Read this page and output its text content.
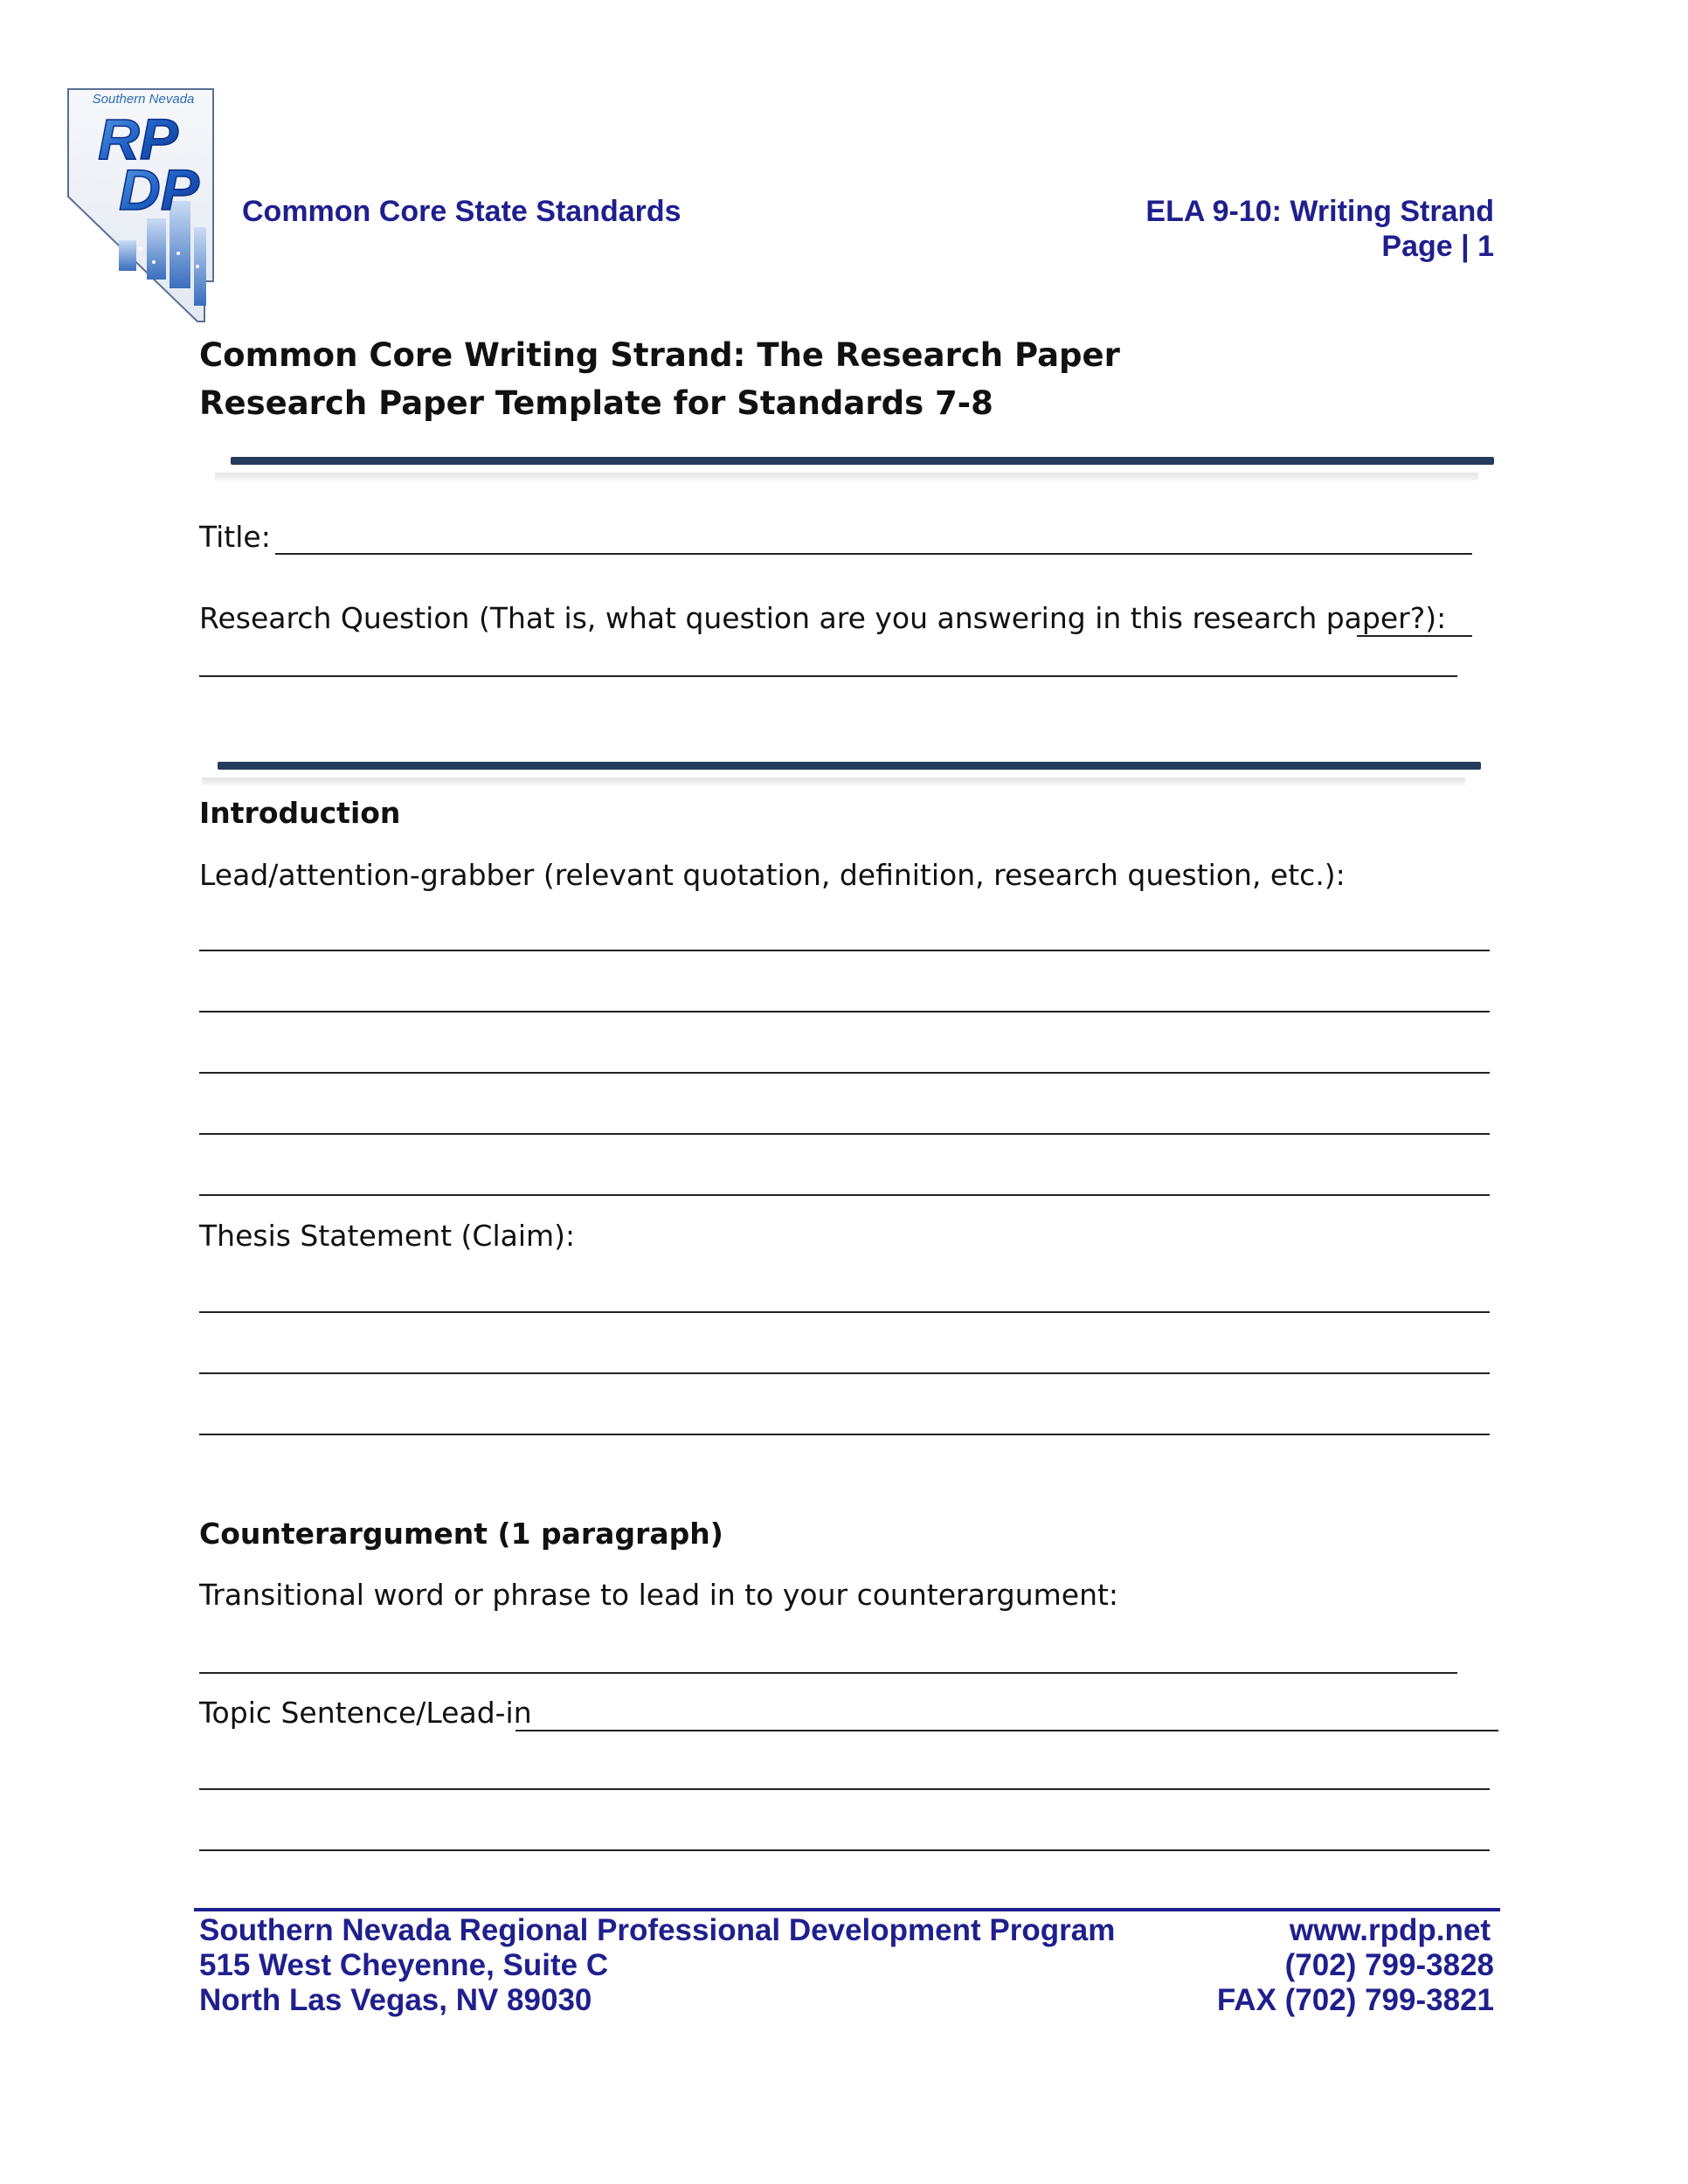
Southern Nevada
RP
DP Common Core State Standards	ELA 9-10: Writing Strand
Page | 1
Common Core Writing Strand: The Research Paper
Research Paper Template for Standards 7-8
Title:
Research Question (That is, what question are you answering in this research paper?):
Introduction
Lead/attention-grabber (relevant quotation, definition, research question, etc.):
Thesis Statement (Claim):
Counterargument (1 paragraph)
Transitional word or phrase to lead in to your counterargument:
Topic Sentence/Lead-in
Southern Nevada Regional Professional Development Program
515 West Cheyenne, Suite C
North Las Vegas, NV 89030
www.rpdp.net
(702) 799-3828
FAX (702) 799-3821
